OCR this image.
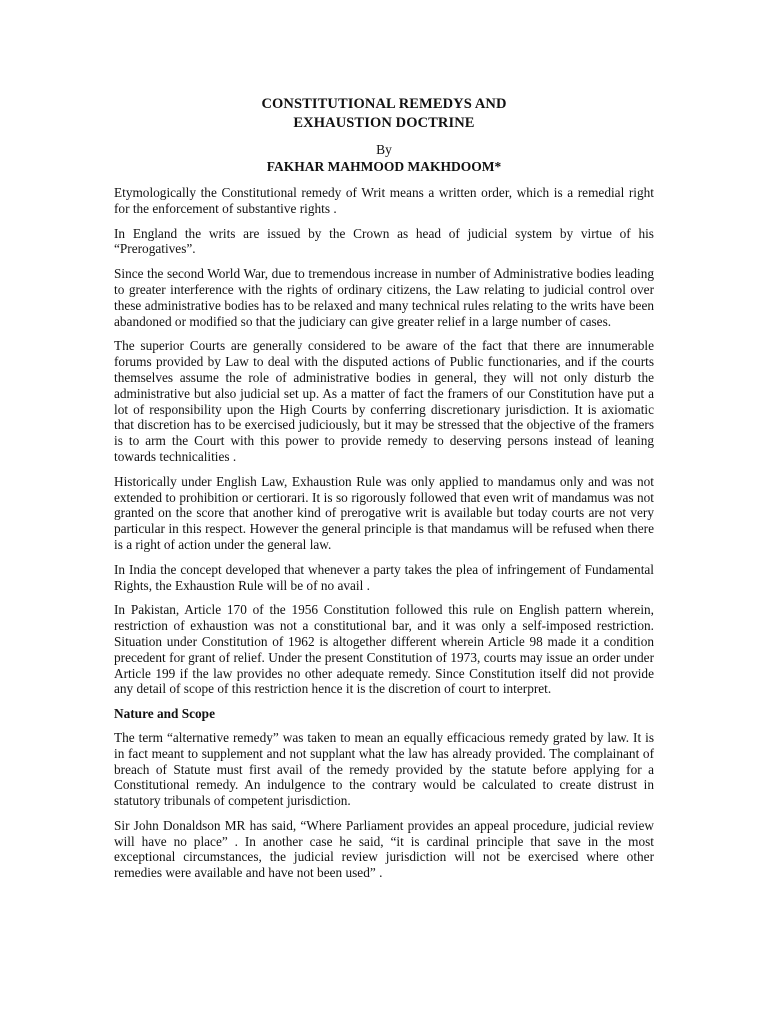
CONSTITUTIONAL REMEDYS AND

EXHAUSTION DOCTRINE

By

FAKHAR MAHMOOD MAKHDOOM*

Etymologically the Constitutional remedy of Writ means a written order, which is a remedial right for the enforcement of substantive rights .

In England the writs are issued by the Crown as head of judicial system by virtue of his “Prerogatives”.

Since the second World War, due to tremendous increase in number of Administrative bodies leading to greater interference with the rights of ordinary citizens, the Law relating to judicial control over these administrative bodies has to be relaxed and many technical rules relating to the writs have been abandoned or modified so that the judiciary can give greater relief in a large number of cases.

The superior Courts are generally considered to be aware of the fact that there are innumerable forums provided by Law to deal with the disputed actions of Public functionaries, and if the courts themselves assume the role of administrative bodies in general, they will not only disturb the administrative but also judicial set up. As a matter of fact the framers of our Constitution have put a lot of responsibility upon the High Courts by conferring discretionary jurisdiction. It is axiomatic that discretion has to be exercised judiciously, but it may be stressed that the objective of the framers is to arm the Court with this power to provide remedy to deserving persons instead of leaning towards technicalities .

Historically under English Law, Exhaustion Rule was only applied to mandamus only and was not extended to prohibition or certiorari. It is so rigorously followed that even writ of mandamus was not granted on the score that another kind of prerogative writ is available but today courts are not very particular in this respect. However the general principle is that mandamus will be refused when there is a right of action under the general law.

In India the concept developed that whenever a party takes the plea of infringement of Fundamental Rights, the Exhaustion Rule will be of no avail .

In Pakistan, Article 170 of the 1956 Constitution followed this rule on English pattern wherein, restriction of exhaustion was not a constitutional bar, and it was only a self-imposed restriction. Situation under Constitution of 1962 is altogether different wherein Article 98 made it a condition precedent for grant of relief. Under the present Constitution of 1973, courts may issue an order under Article 199 if the law provides no other adequate remedy. Since Constitution itself did not provide any detail of scope of this restriction hence it is the discretion of court to interpret.

Nature and Scope

The term “alternative remedy” was taken to mean an equally efficacious remedy grated by law. It is in fact meant to supplement and not supplant what the law has already provided. The complainant of breach of Statute must first avail of the remedy provided by the statute before applying for a Constitutional remedy. An indulgence to the contrary would be calculated to create distrust in statutory tribunals of competent jurisdiction.

Sir John Donaldson MR has said, “Where Parliament provides an appeal procedure, judicial review will have no place” . In another case he said, “it is cardinal principle that save in the most exceptional circumstances, the judicial review jurisdiction will not be exercised where other remedies were available and have not been used” .
